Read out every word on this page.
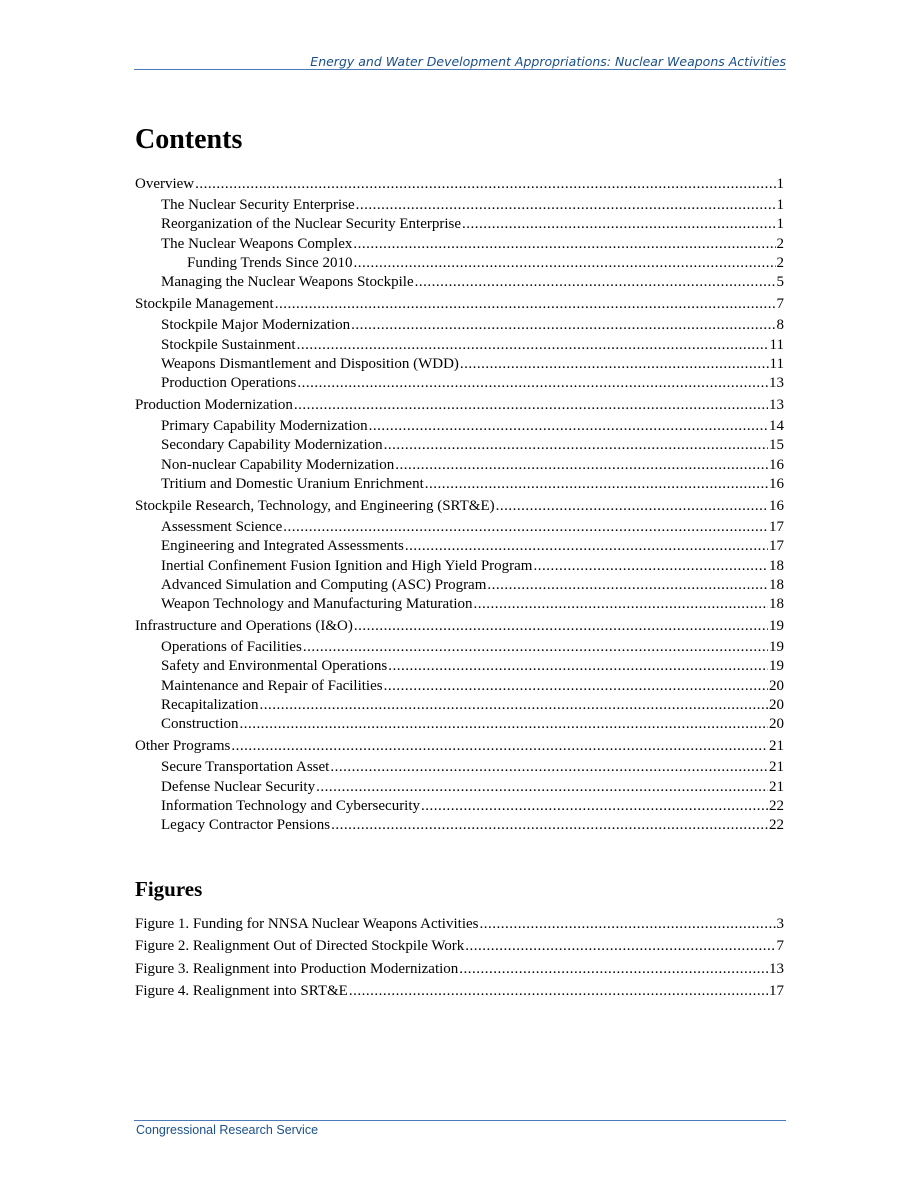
Energy and Water Development Appropriations: Nuclear Weapons Activities
Contents
Overview .....	1
The Nuclear Security Enterprise .....	1
Reorganization of the Nuclear Security Enterprise .....	1
The Nuclear Weapons Complex .....	2
Funding Trends Since 2010 .....	2
Managing the Nuclear Weapons Stockpile .....	5
Stockpile Management .....	7
Stockpile Major Modernization .....	8
Stockpile Sustainment .....	11
Weapons Dismantlement and Disposition (WDD) .....	11
Production Operations .....	13
Production Modernization .....	13
Primary Capability Modernization .....	14
Secondary Capability Modernization .....	15
Non-nuclear Capability Modernization .....	16
Tritium and Domestic Uranium Enrichment .....	16
Stockpile Research, Technology, and Engineering (SRT&E) .....	16
Assessment Science .....	17
Engineering and Integrated Assessments .....	17
Inertial Confinement Fusion Ignition and High Yield Program .....	18
Advanced Simulation and Computing (ASC) Program .....	18
Weapon Technology and Manufacturing Maturation .....	18
Infrastructure and Operations (I&O) .....	19
Operations of Facilities .....	19
Safety and Environmental Operations .....	19
Maintenance and Repair of Facilities .....	20
Recapitalization .....	20
Construction .....	20
Other Programs .....	21
Secure Transportation Asset .....	21
Defense Nuclear Security .....	21
Information Technology and Cybersecurity .....	22
Legacy Contractor Pensions .....	22
Figures
Figure 1. Funding for NNSA Nuclear Weapons Activities .....	3
Figure 2. Realignment Out of Directed Stockpile Work .....	7
Figure 3. Realignment into Production Modernization .....	13
Figure 4. Realignment into SRT&E .....	17
Congressional Research Service
